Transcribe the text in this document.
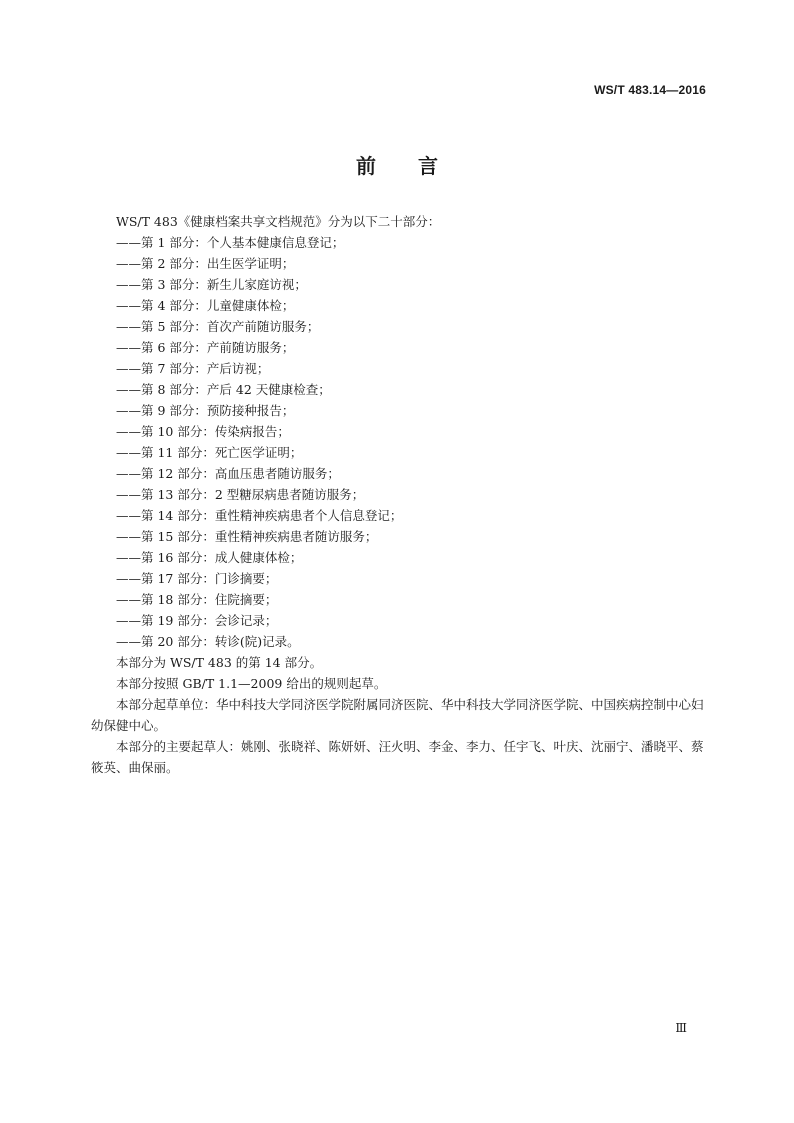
WS/T 483.14—2016
前言

WS/T 483《健康档案共享文档规范》分为以下二十部分：

——第 1 部分：个人基本健康信息登记；

——第 2 部分：出生医学证明；

——第 3 部分：新生儿家庭访视；

——第 4 部分：儿童健康体检；

——第 5 部分：首次产前随访服务；

——第 6 部分：产前随访服务；

——第 7 部分：产后访视；

——第 8 部分：产后 42 天健康检查；

——第 9 部分：预防接种报告；

——第 10 部分：传染病报告；

——第 11 部分：死亡医学证明；

——第 12 部分：高血压患者随访服务；

——第 13 部分：2 型糖尿病患者随访服务；

——第 14 部分：重性精神疾病患者个人信息登记；

——第 15 部分：重性精神疾病患者随访服务；

——第 16 部分：成人健康体检；

——第 17 部分：门诊摘要；

——第 18 部分：住院摘要；

——第 19 部分：会诊记录；

——第 20 部分：转诊(院)记录。

本部分为 WS/T 483 的第 14 部分。

本部分按照 GB/T 1.1—2009 给出的规则起草。

本部分起草单位：华中科技大学同济医学院附属同济医院、华中科技大学同济医学院、中国疾病控制中心妇幼保健中心。

本部分的主要起草人：姚刚、张晓祥、陈妍妍、汪火明、李金、李力、任宇飞、叶庆、沈丽宁、潘晓平、蔡筱英、曲保丽。

Ⅲ
